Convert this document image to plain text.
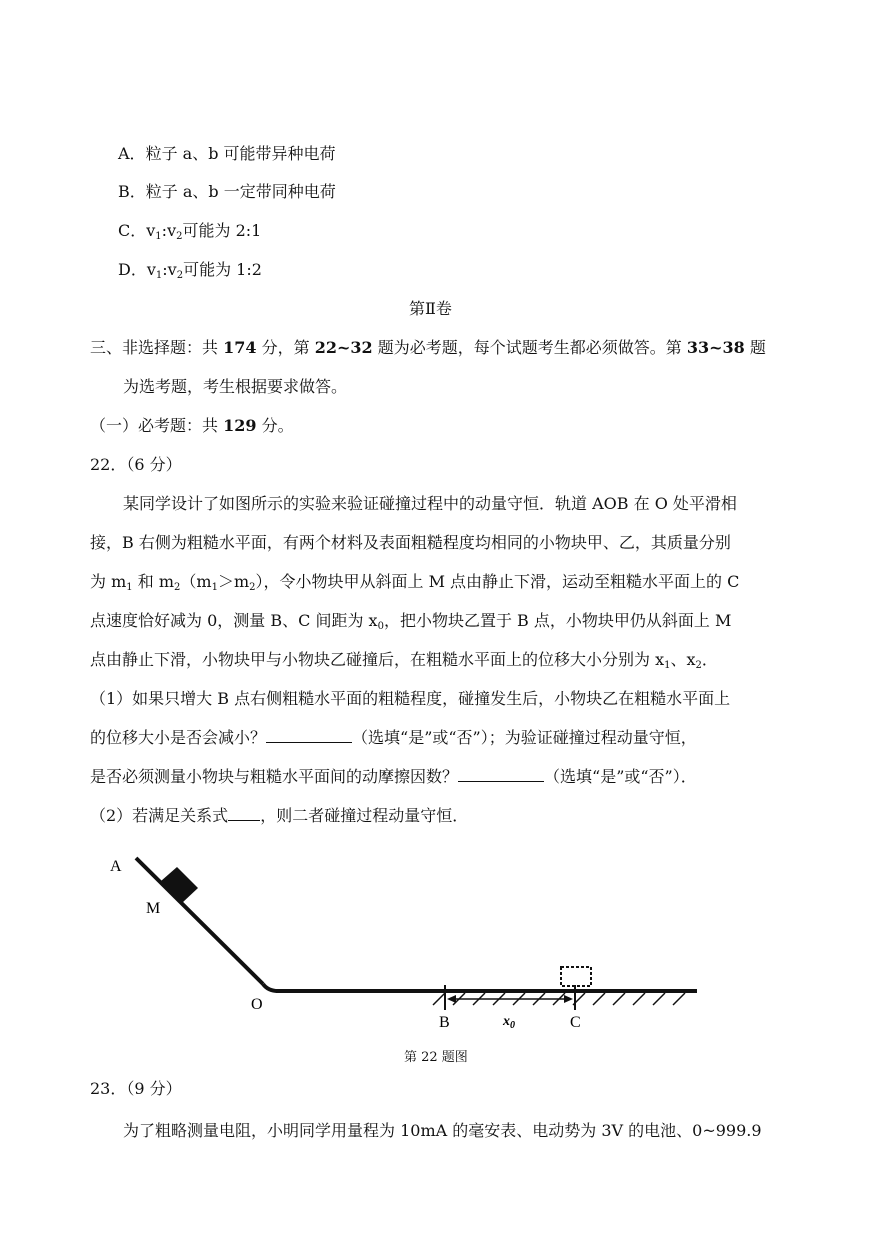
A．粒子 a、b 可能带异种电荷
B．粒子 a、b 一定带同种电荷
C．$v_1:v_2$可能为 2:1
D．$v_1:v_2$可能为 1:2
第Ⅱ卷
三、非选择题：共 174 分，第 22~32 题为必考题，每个试题考生都必须做答。第 33~38 题
为选考题，考生根据要求做答。
（一）必考题：共 129 分。
22．（6 分）
某同学设计了如图所示的实验来验证碰撞过程中的动量守恒．轨道 AOB 在 O 处平滑相
接，B 右侧为粗糙水平面，有两个材料及表面粗糙程度均相同的小物块甲、乙，其质量分别
为 $m_1$ 和 $m_2(m_1>m_2)$，令小物块甲从斜面上 M 点由静止下滑，运动至粗糙水平面上的 C
点速度恰好减为 0，测量 B、C 间距为 $x_0$，把小物块乙置于 B 点，小物块甲仍从斜面上 M
点由静止下滑，小物块甲与小物块乙碰撞后，在粗糙水平面上的位移大小分别为 $x_1$、$x_2$．
（1）如果只增大 B 点右侧粗糙水平面的粗糙程度，碰撞发生后，小物块乙在粗糙水平面上
的位移大小是否会减小？	（选填“是”或“否”）；为验证碰撞过程动量守恒，
是否必须测量小物块与粗糙水平面间的动摩擦因数？	（选填“是”或“否”）．
（2）若满足关系式 ，则二者碰撞过程动量守恒．
A
M
O
B	$x_0$	C
第 22 题图
23．（9 分）
为了粗略测量电阻，小明同学用量程为 10mA 的毫安表、电动势为 3V 的电池、0~999.9
